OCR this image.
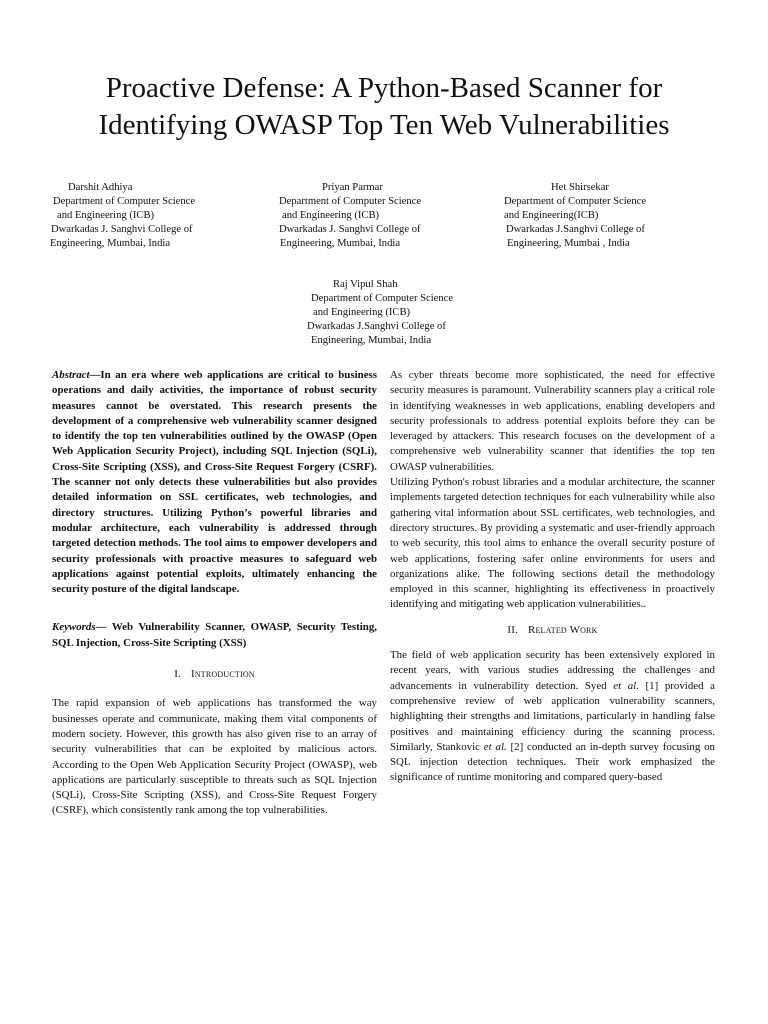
Proactive Defense: A Python-Based Scanner for
Identifying OWASP Top Ten Web Vulnerabilities
Darshit Adhiya
Department of Computer Science
and Engineering (ICB)
Dwarkadas J. Sanghvi College of
Engineering, Mumbai, India
Priyan Parmar
Department of Computer Science
and Engineering (ICB)
Dwarkadas J. Sanghvi College of
Engineering, Mumbai, India
Het Shirsekar
Department of Computer Science
and Engineering(ICB)
Dwarkadas J.Sanghvi College of
Engineering, Mumbai , India
Raj Vipul Shah
Department of Computer Science
and Engineering (ICB)
Dwarkadas J.Sanghvi College of
Engineering, Mumbai, India

Abstract—In an era where web applications are critical to business operations and daily activities, the importance of robust security measures cannot be overstated. This research presents the development of a comprehensive web vulnerability scanner designed to identify the top ten vulnerabilities outlined by the OWASP (Open Web Application Security Project), including SQL Injection (SQLi), Cross-Site Scripting (XSS), and Cross-Site Request Forgery (CSRF). The scanner not only detects these vulnerabilities but also provides detailed information on SSL certificates, web technologies, and directory structures. Utilizing Python’s powerful libraries and modular architecture, each vulnerability is addressed through targeted detection methods. The tool aims to empower developers and security professionals with proactive measures to safeguard web applications against potential exploits, ultimately enhancing the security posture of the digital landscape.

Keywords— Web Vulnerability Scanner, OWASP, Security Testing, SQL Injection, Cross-Site Scripting (XSS)

I. Introduction

The rapid expansion of web applications has transformed the way businesses operate and communicate, making them vital components of modern society. However, this growth has also given rise to an array of security vulnerabilities that can be exploited by malicious actors. According to the Open Web Application Security Project (OWASP), web applications are particularly susceptible to threats such as SQL Injection (SQLi), Cross-Site Scripting (XSS), and Cross-Site Request Forgery (CSRF), which consistently rank among the top vulnerabilities.

As cyber threats become more sophisticated, the need for effective security measures is paramount. Vulnerability scanners play a critical role in identifying weaknesses in web applications, enabling developers and security professionals to address potential exploits before they can be leveraged by attackers. This research focuses on the development of a comprehensive web vulnerability scanner that identifies the top ten OWASP vulnerabilities.

Utilizing Python's robust libraries and a modular architecture, the scanner implements targeted detection techniques for each vulnerability while also gathering vital information about SSL certificates, web technologies, and directory structures. By providing a systematic and user-friendly approach to web security, this tool aims to enhance the overall security posture of web applications, fostering safer online environments for users and organizations alike. The following sections detail the methodology employed in this scanner, highlighting its effectiveness in proactively identifying and mitigating web application vulnerabilities..

II. Related Work

The field of web application security has been extensively explored in recent years, with various studies addressing the challenges and advancements in vulnerability detection. Syed et al. [1] provided a comprehensive review of web application vulnerability scanners, highlighting their strengths and limitations, particularly in handling false positives and maintaining efficiency during the scanning process. Similarly, Stankovic et al. [2] conducted an in-depth survey focusing on SQL injection detection techniques. Their work emphasized the significance of runtime monitoring and compared query-based
